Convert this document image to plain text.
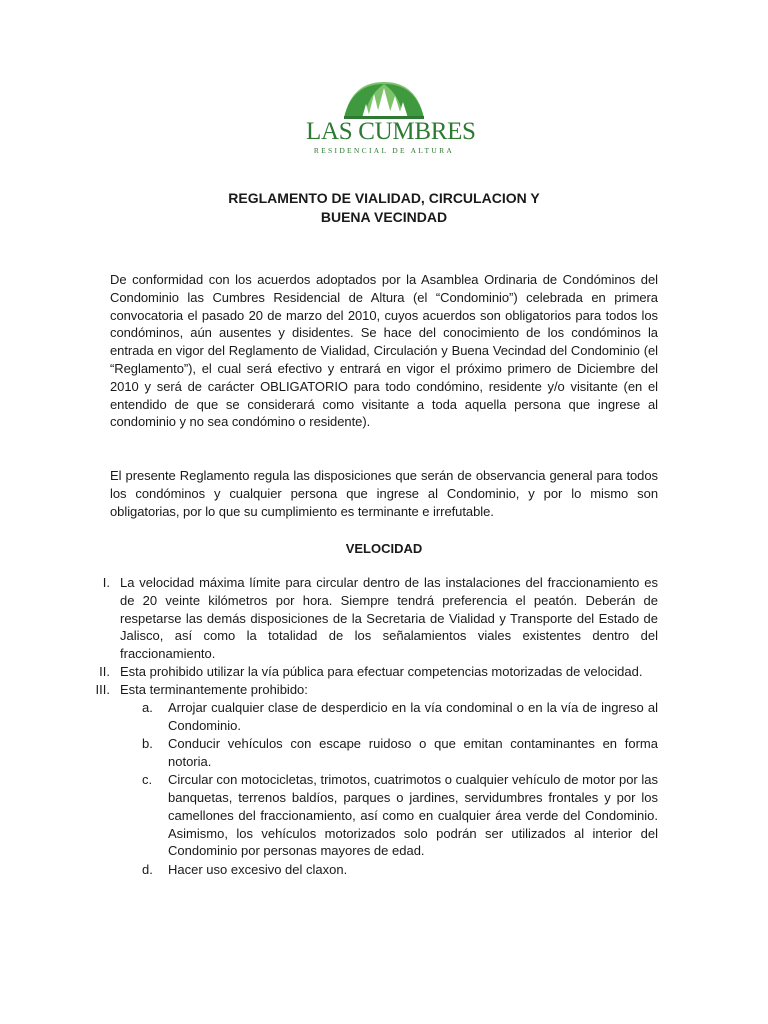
LAS CUMBRES
RESIDENCIAL DE ALTURA
REGLAMENTO DE VIALIDAD, CIRCULACION Y
BUENA VECINDAD

De conformidad con los acuerdos adoptados por la Asamblea Ordinaria de Condóminos del Condominio las Cumbres Residencial de Altura (el “Condominio”) celebrada en primera convocatoria el pasado 20 de marzo del 2010, cuyos acuerdos son obligatorios para todos los condóminos, aún ausentes y disidentes. Se hace del conocimiento de los condóminos la entrada en vigor del Reglamento de Vialidad, Circulación y Buena Vecindad del Condominio (el “Reglamento”), el cual será efectivo y entrará en vigor el próximo primero de Diciembre del 2010 y será de carácter OBLIGATORIO para todo condómino, residente y/o visitante (en el entendido de que se considerará como visitante a toda aquella persona que ingrese al condominio y no sea condómino o residente).

El presente Reglamento regula las disposiciones que serán de observancia general para todos los condóminos y cualquier persona que ingrese al Condominio, y por lo mismo son obligatorias, por lo que su cumplimiento es terminante e irrefutable.

VELOCIDAD
I. La velocidad máxima límite para circular dentro de las instalaciones del fraccionamiento es de 20 veinte kilómetros por hora. Siempre tendrá preferencia el peatón. Deberán de respetarse las demás disposiciones de la Secretaria de Vialidad y Transporte del Estado de Jalisco, así como la totalidad de los señalamientos viales existentes dentro del fraccionamiento.
II. Esta prohibido utilizar la vía pública para efectuar competencias motorizadas de velocidad.
III. Esta terminantemente prohibido:
a.	Arrojar cualquier clase de desperdicio en la vía condominal o en la vía de ingreso al Condominio.
b.	Conducir vehículos con escape ruidoso o que emitan contaminantes en forma notoria.
c.	Circular con motocicletas, trimotos, cuatrimotos o cualquier vehículo de motor por las banquetas, terrenos baldíos, parques o jardines, servidumbres frontales y por los camellones del fraccionamiento, así como en cualquier área verde del Condominio. Asimismo, los vehículos motorizados solo podrán ser utilizados al interior del Condominio por personas mayores de edad.
d.	Hacer uso excesivo del claxon.
